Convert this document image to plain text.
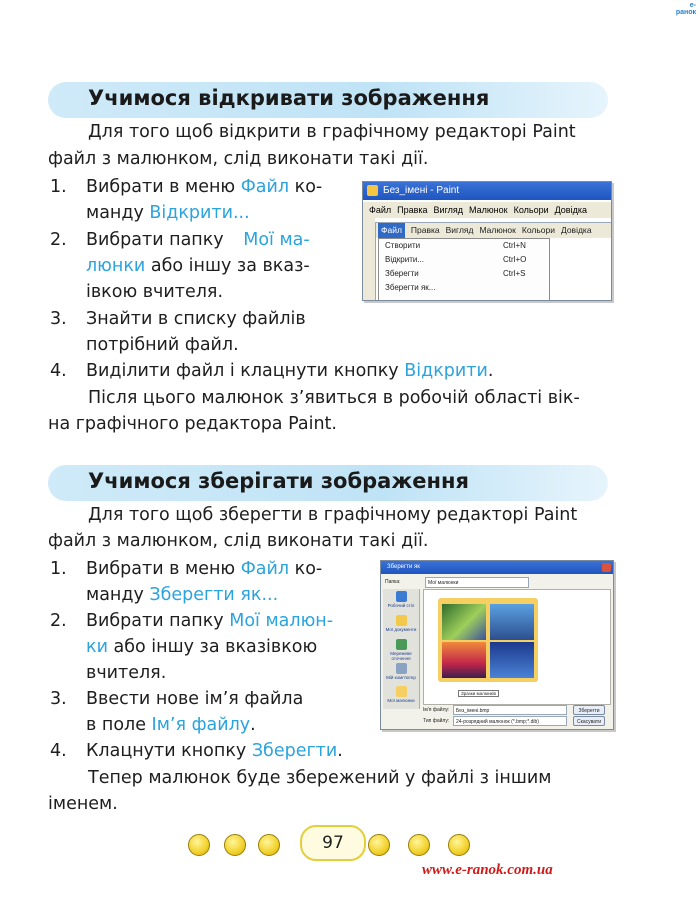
e-ранок
Учимося відкривати зображення
Для того щоб відкрити в графічному редакторі Paint
файл з малюнком, слід виконати такі дії.
1. Вибрати в меню Файл ко-
манду Відкрити...
2. Вибрати папку Мої ма-
люнки або іншу за вказ-
івкою вчителя.
3. Знайти в списку файлів
потрібний файл.
4. Виділити файл і клацнути кнопку Відкрити.
Після цього малюнок з’явиться в робочій області вік-
на графічного редактора Paint.
Без_імені - Paint
Файл Правка Вигляд Малюнок Кольори Довідка
Файл Правка Вигляд Малюнок Кольори Довідка
Створити	Ctrl+N
Відкрити...	Ctrl+O
Зберегти	Ctrl+S
Зберегти як...
Учимося зберігати зображення
Для того щоб зберегти в графічному редакторі Paint
файл з малюнком, слід виконати такі дії.
1. Вибрати в меню Файл ко-
манду Зберегти як...
2. Вибрати папку Мої малюн-
ки або іншу за вказівкою
вчителя.
3. Ввести нове ім’я файла
в поле Ім’я файлу.
4. Клацнути кнопку Зберегти.
Тепер малюнок буде збережений у файлі з іншим
іменем.
Зберегти як
Папка:	Мої малюнки
Робочий стіл
Мої документи
Мережеве оточення
Мій комп'ютер
Мої малюнки
Зразки малюнків
Ім'я файлу:	Без_імені.bmp	Зберегти
Тип файлу:	24-розрядний малюнок (*.bmp;*.dib)	Скасувати
97
www.e-ranok.com.ua
